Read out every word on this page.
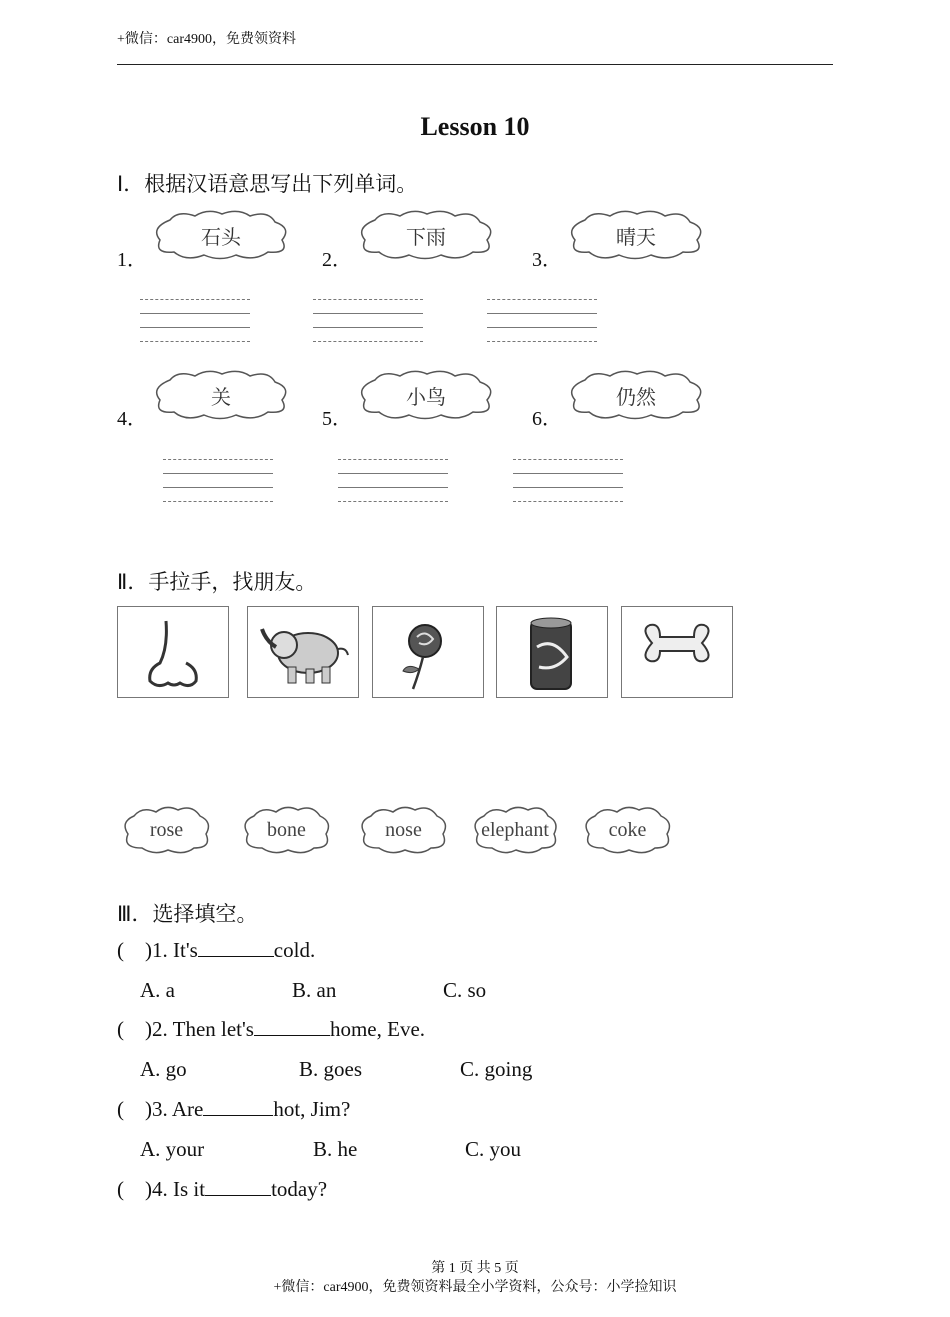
+微信：car4900，免费领资料
Lesson 10
I．根据汉语意思写出下列单词。
1．
石头
2．
下雨
3．
晴天
4．
关
5．
小鸟
6．
仍然
Ⅱ．手拉手，找朋友。
rose	bone	nose	elephant	coke
Ⅲ．选择填空。
(    )1. It's	cold.
A. a	B. an	C. so
(    )2. Then let's	home, Eve.
A. go	B. goes	C. going
(    )3. Are	hot, Jim?
A. your	B. he	C. you
(    )4. Is it	today?
第 1 页 共 5 页
+微信：car4900，免费领资料最全小学资料，公众号：小学捡知识
